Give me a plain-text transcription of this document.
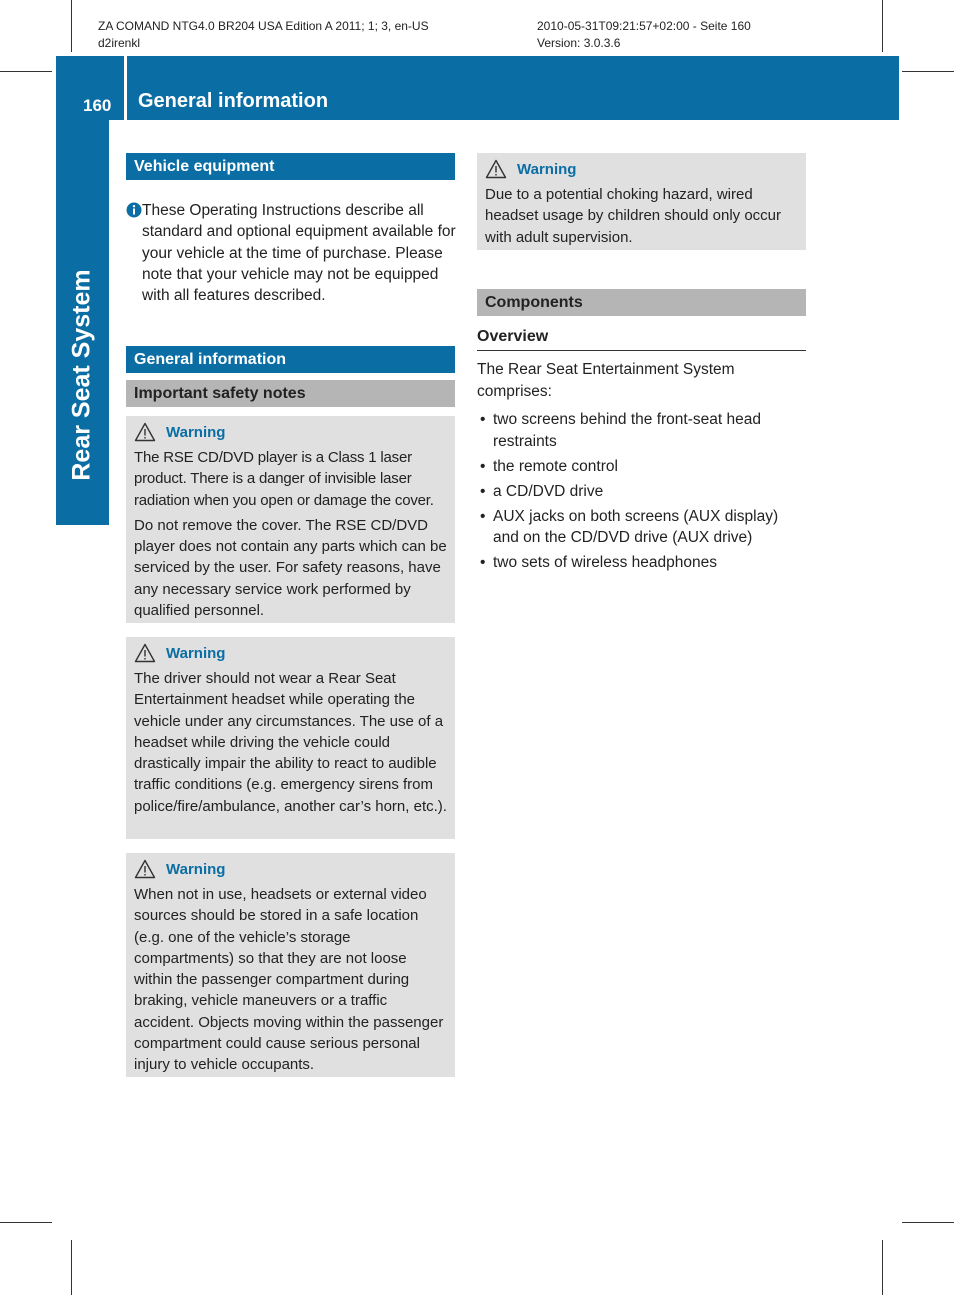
ZA COMAND NTG4.0 BR204 USA Edition A 2011; 1; 3, en-US
d2irenkl
2010-05-31T09:21:57+02:00 - Seite 160
Version: 3.0.3.6
160 General information
Rear Seat System
Vehicle equipment
These Operating Instructions describe all standard and optional equipment available for your vehicle at the time of purchase. Please note that your vehicle may not be equipped with all features described.
General information
Important safety notes
Warning

The RSE CD/DVD player is a Class 1 laser product. There is a danger of invisible laser radiation when you open or damage the cover.

Do not remove the cover. The RSE CD/DVD player does not contain any parts which can be serviced by the user. For safety reasons, have any necessary service work performed by qualified personnel.

Warning

The driver should not wear a Rear Seat Entertainment headset while operating the vehicle under any circumstances. The use of a headset while driving the vehicle could drastically impair the ability to react to audible traffic conditions (e.g. emergency sirens from police/fire/ambulance, another car’s horn, etc.).

Warning

When not in use, headsets or external video sources should be stored in a safe location (e.g. one of the vehicle’s storage compartments) so that they are not loose within the passenger compartment during braking, vehicle maneuvers or a traffic accident. Objects moving within the passenger compartment could cause serious personal injury to vehicle occupants.

Warning

Due to a potential choking hazard, wired headset usage by children should only occur with adult supervision.

Components
Overview
The Rear Seat Entertainment System comprises:
• two screens behind the front-seat head restraints
• the remote control
• a CD/DVD drive
• AUX jacks on both screens (AUX display) and on the CD/DVD drive (AUX drive)
• two sets of wireless headphones
